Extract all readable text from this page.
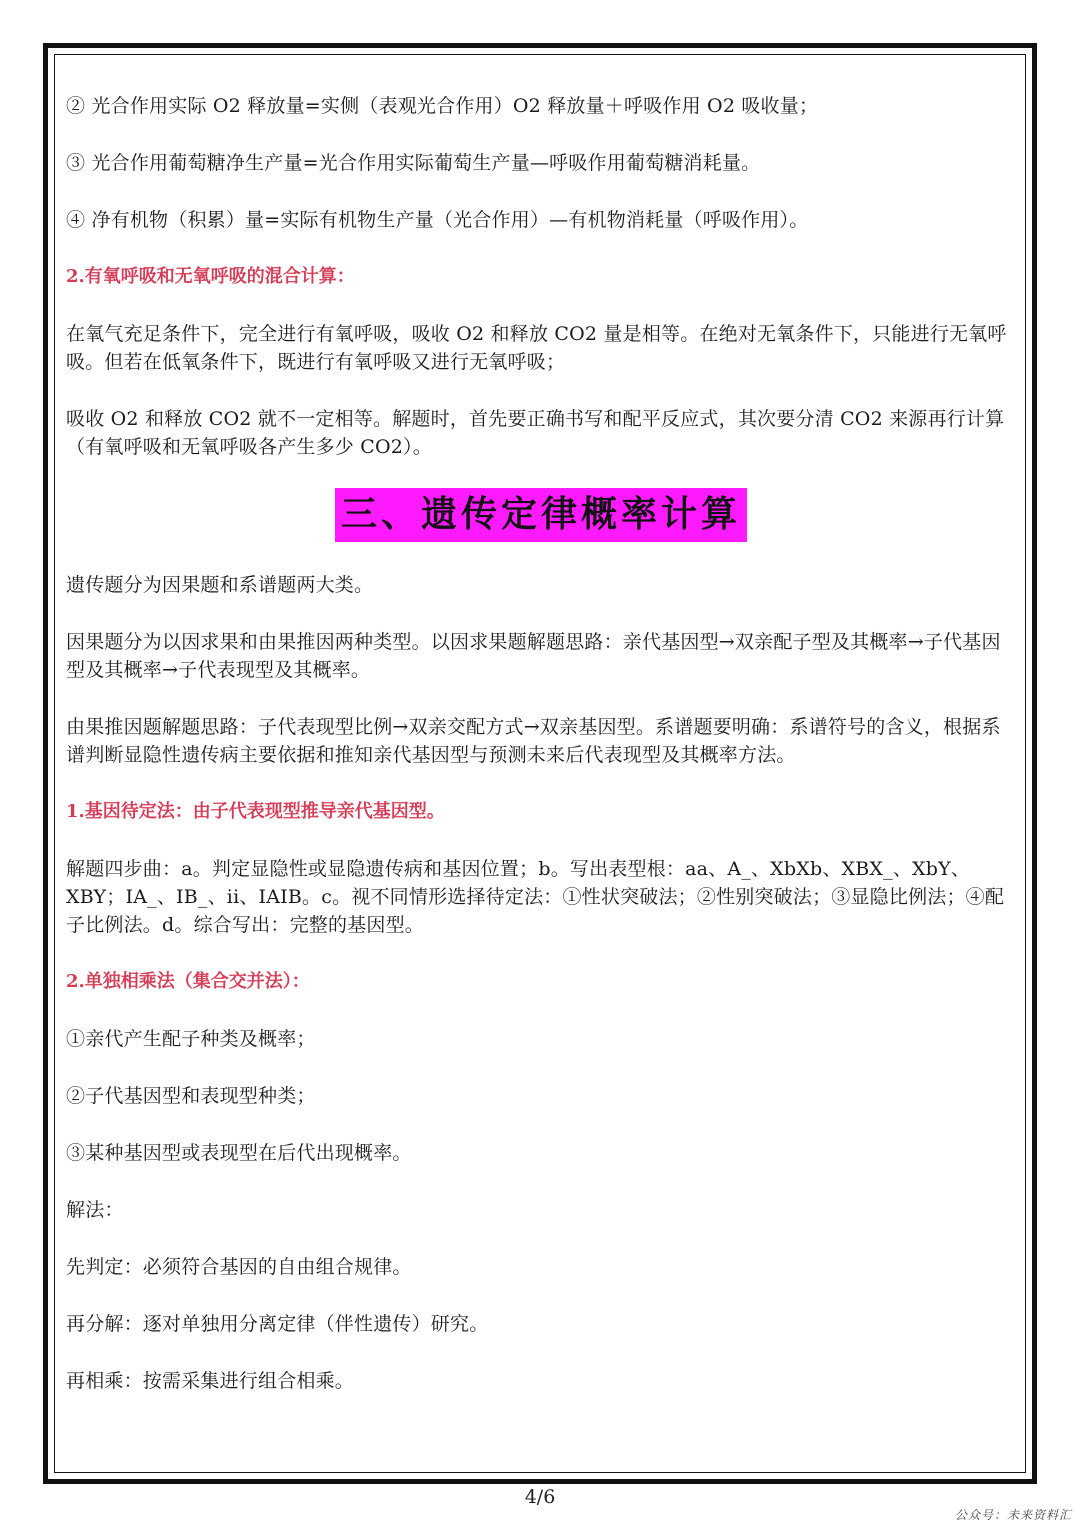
② 光合作用实际 O2 释放量=实侧（表观光合作用）O2 释放量＋呼吸作用 O2 吸收量；

③ 光合作用葡萄糖净生产量=光合作用实际葡萄生产量—呼吸作用葡萄糖消耗量。

④ 净有机物（积累）量=实际有机物生产量（光合作用）—有机物消耗量（呼吸作用）。

2.有氧呼吸和无氧呼吸的混合计算：

在氧气充足条件下，完全进行有氧呼吸，吸收 O2 和释放 CO2 量是相等。在绝对无氧条件下，只能进行无氧呼吸。但若在低氧条件下，既进行有氧呼吸又进行无氧呼吸；

吸收 O2 和释放 CO2 就不一定相等。解题时，首先要正确书写和配平反应式，其次要分清 CO2 来源再行计算（有氧呼吸和无氧呼吸各产生多少 CO2）。

三、遗传定律概率计算

遗传题分为因果题和系谱题两大类。

因果题分为以因求果和由果推因两种类型。以因求果题解题思路：亲代基因型→双亲配子型及其概率→子代基因型及其概率→子代表现型及其概率。

由果推因题解题思路：子代表现型比例→双亲交配方式→双亲基因型。系谱题要明确：系谱符号的含义，根据系谱判断显隐性遗传病主要依据和推知亲代基因型与预测未来后代表现型及其概率方法。

1.基因待定法：由子代表现型推导亲代基因型。

解题四步曲：a。判定显隐性或显隐遗传病和基因位置；b。写出表型根：aa、A_、XbXb、XBX_、XbY、XBY；IA_、IB_、ii、IAIB。c。视不同情形选择待定法：①性状突破法；②性别突破法；③显隐比例法；④配子比例法。d。综合写出：完整的基因型。

2.单独相乘法（集合交并法）：

①亲代产生配子种类及概率；

②子代基因型和表现型种类；

③某种基因型或表现型在后代出现概率。

解法：

先判定：必须符合基因的自由组合规律。

再分解：逐对单独用分离定律（伴性遗传）研究。

再相乘：按需采集进行组合相乘。

4/6
公众号：未来资料汇
